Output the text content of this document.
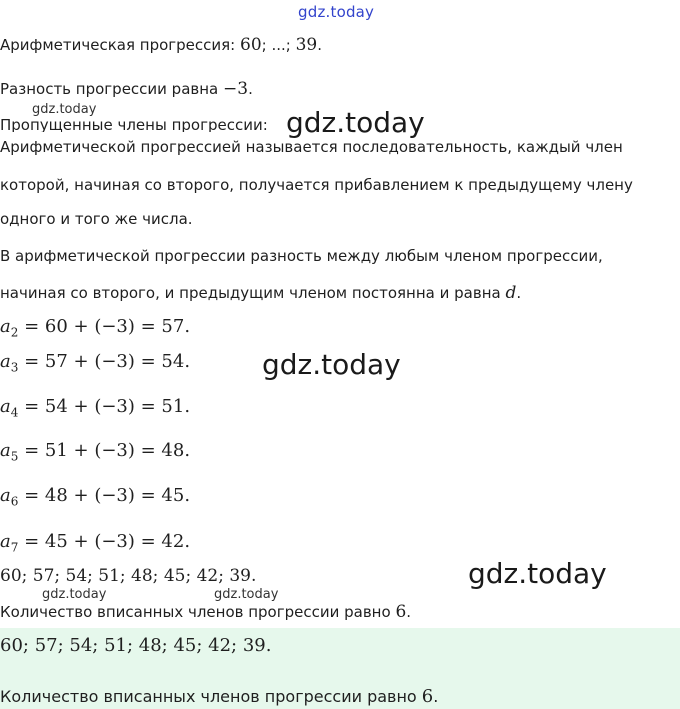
gdz.today
gdz.today
gdz.today
gdz.today
gdz.today
gdz.today	gdz.today
Арифметическая прогрессия: 60; ...; 39.
Разность прогрессии равна −3.
Пропущенные члены прогрессии:
Арифметической прогрессией называется последовательность, каждый член
которой, начиная со второго, получается прибавлением к предыдущему члену
одного и того же числа.
В арифметической прогрессии разность между любым членом прогрессии,
начиная со второго, и предыдущим членом постоянна и равна d.
$a_2 = 60 + (-3) = 57$.
$a_3 = 57 + (-3) = 54$.
$a_4 = 54 + (-3) = 51$.
$a_5 = 51 + (-3) = 48$.
$a_6 = 48 + (-3) = 45$.
$a_7 = 45 + (-3) = 42$.
60; 57; 54; 51; 48; 45; 42; 39.
Количество вписанных членов прогрессии равно 6.
60; 57; 54; 51; 48; 45; 42; 39.
Количество вписанных членов прогрессии равно 6.
